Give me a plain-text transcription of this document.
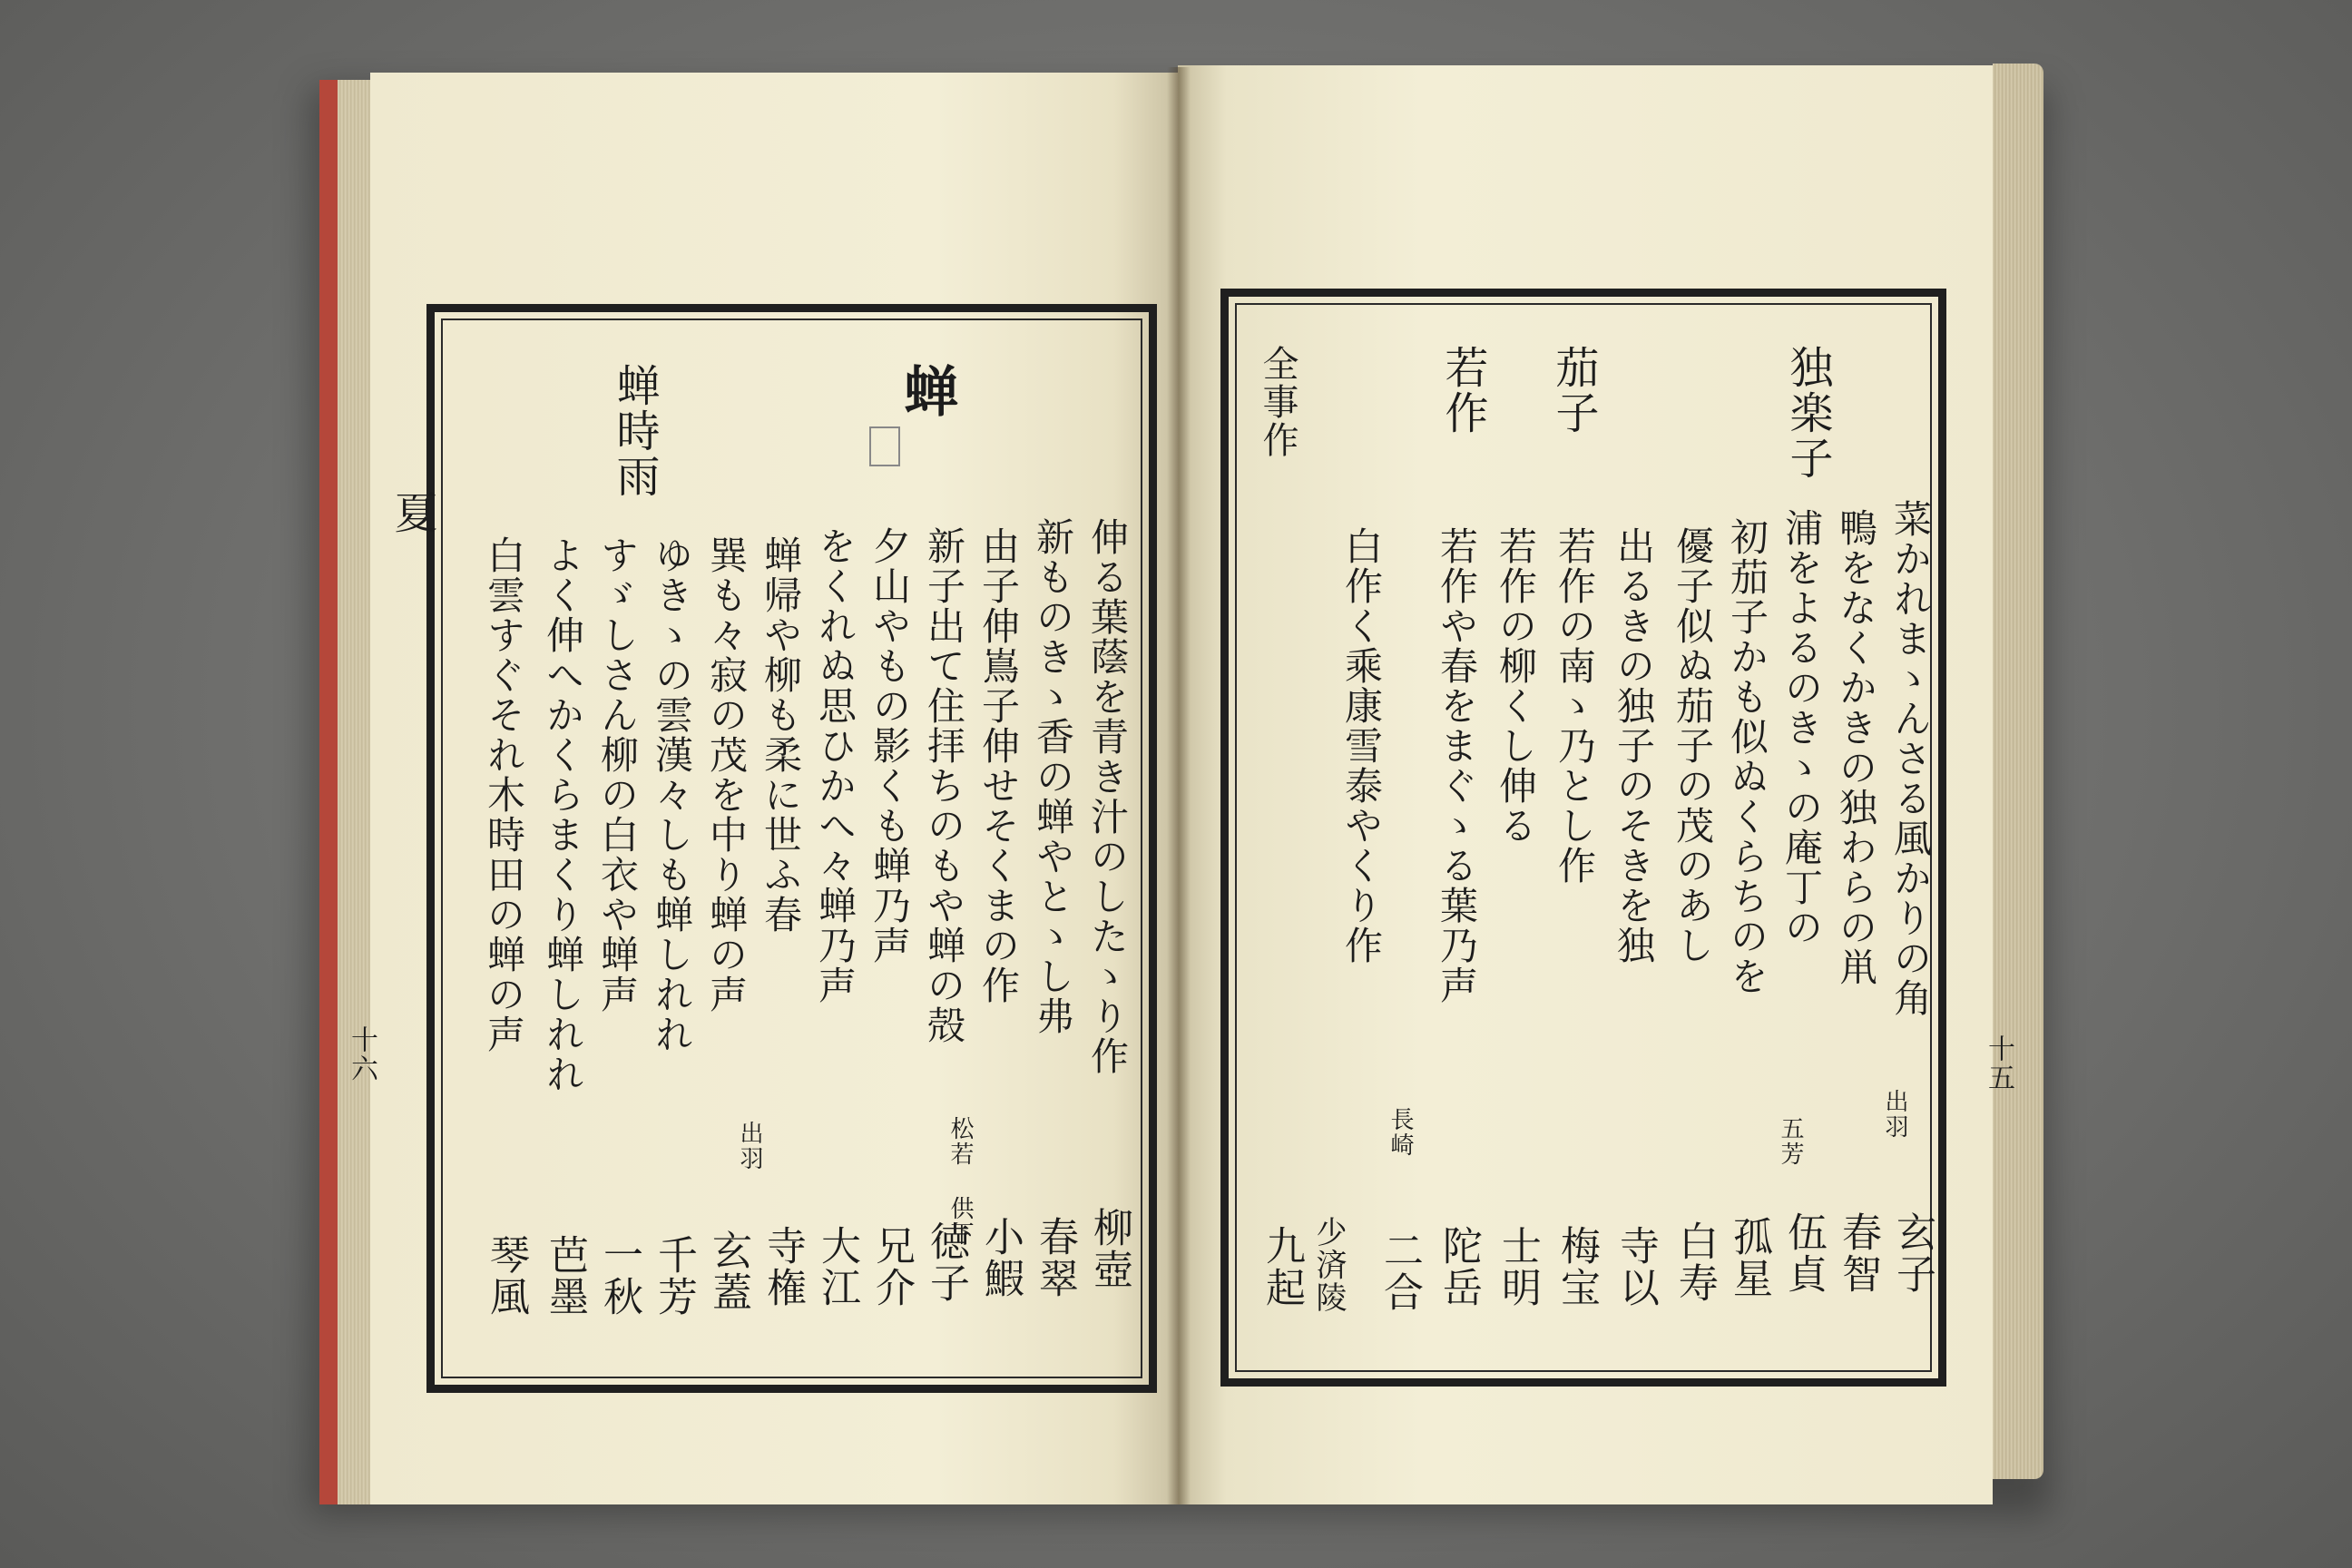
夏
十六
蝉
蝉時雨
伸る葉蔭を青き汁のしたゝり作
新ものきゝ香の蝉やとゝし弗
由子伸嶌子伸せそくまの作
新子出て住拝ちのもや蝉の殻
夕山やもの影くも蝉乃声
をくれぬ思ひかへ々蝉乃声
蝉帰や柳も柔に世ふ春
巽も々寂の茂を中り蝉の声
ゆきゝの雲漢々しも蝉しれれ
すゞしさん柳の白衣や蝉声
よく伸へかくらまくり蝉しれれ
白雲すぐそれ木時田の蝉の声
松若 供下
出羽
柳壺
春翠
小鰕
徳子
兄介
大江
寺権
玄蓋
千芳
一秋
芭墨
琴風
十五
独楽子
茄子
若作
全事作
菜かれまゝんさる風かりの角
鴨をなくかきの独わらの鼡
浦をよるのきゝの庵丁の
初茄子かも似ぬくらちのを
優子似ぬ茄子の茂のあし
出るきの独子のそきを独
若作の南ゝ乃とし作
若作の柳くし伸る
若作や春をまぐゝる葉乃声
白作く乘康雪泰やくり作
出羽
五芳
長崎
玄子
春智
伍貞
孤星
白寿
寺以
梅宝
士明
陀岳
二合
少済陵
九起
